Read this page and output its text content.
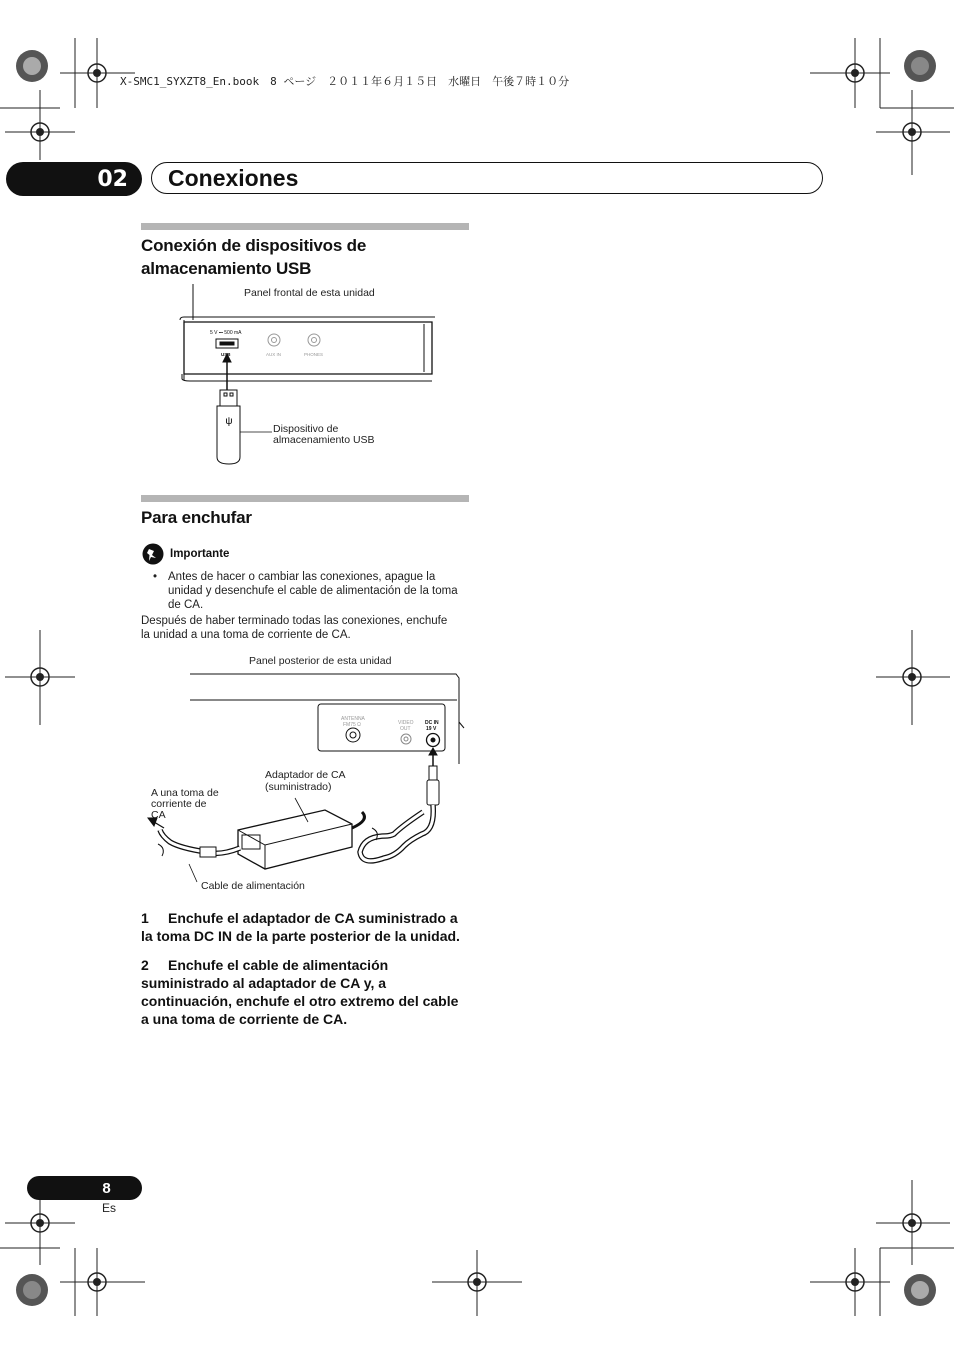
X-SMC1_SYXZT8_En.book　8 ページ　２０１１年６月１５日　水曜日　午後７時１０分
02	Conexiones
Conexión de dispositivos de
almacenamiento USB
ψ
5 V ⎓ 500 mA
USB	AUX IN	PHONES
Panel frontal de esta unidad
Dispositivo de
almacenamiento USB
Para enchufar
Importante
• Antes de hacer o cambiar las conexiones, apague la
unidad y desenchufe el cable de alimentación de la toma
de CA.
Después de haber terminado todas las conexiones, enchufe
la unidad a una toma de corriente de CA.
ANTENNA
FM75 Ω	VIDEO
OUT
DC IN
19 V
Panel posterior de esta unidad
Adaptador de CA
(suministrado)
A una toma de
corriente de
CA
Cable de alimentación
1 Enchufe el adaptador de CA suministrado a
la toma DC IN de la parte posterior de la unidad.
2 Enchufe el cable de alimentación
suministrado al adaptador de CA y, a
continuación, enchufe el otro extremo del cable
a una toma de corriente de CA.
8
Es
